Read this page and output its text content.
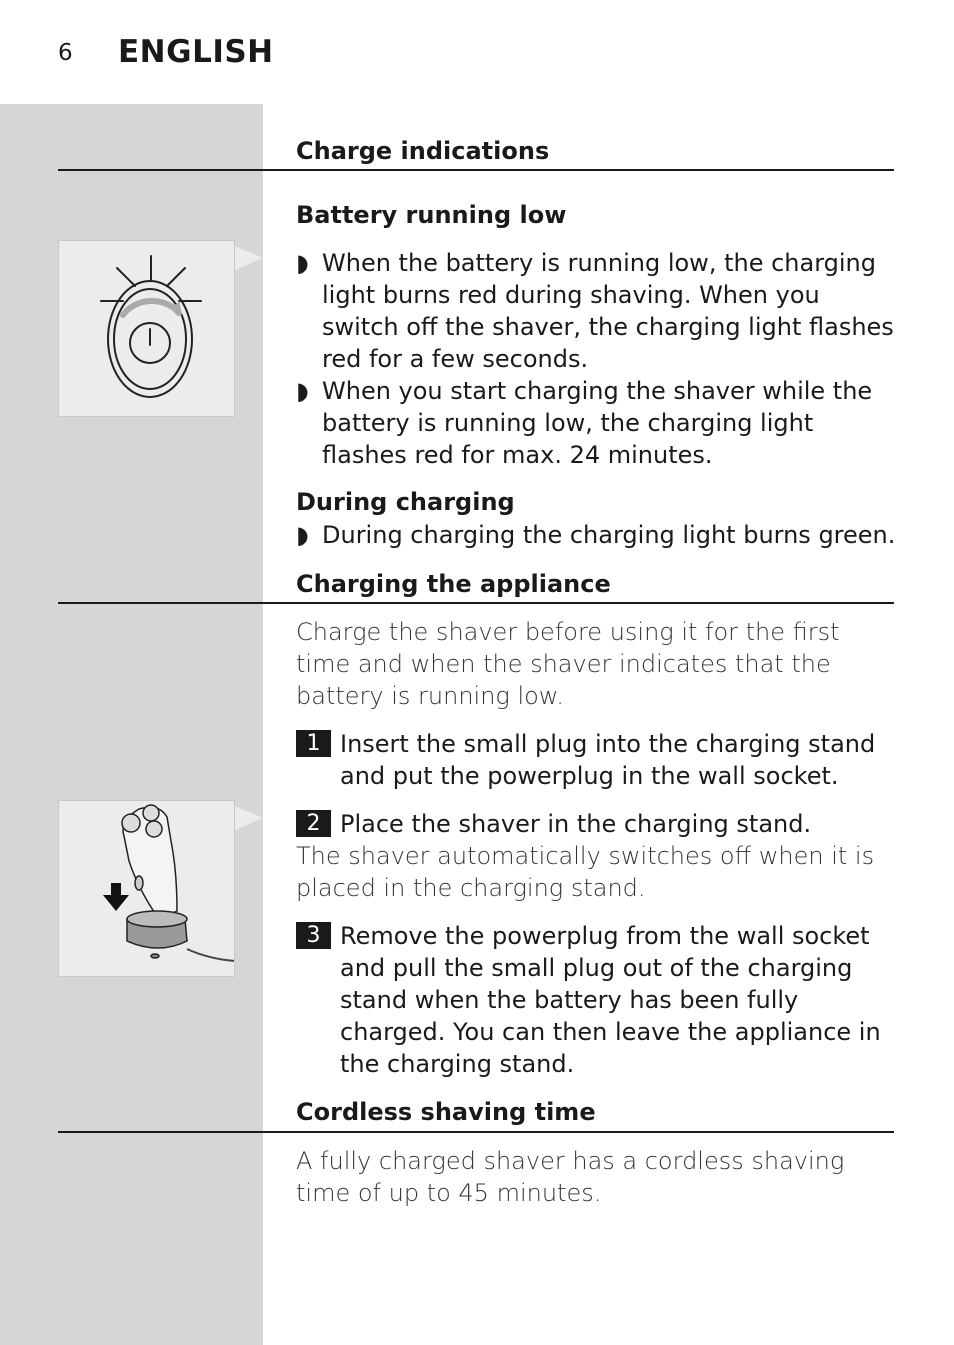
6 ENGLISH
Charge indications
Battery running low
◗ When the battery is running low, the charging light burns red during shaving. When you switch off the shaver, the charging light flashes red for a few seconds.
◗ When you start charging the shaver while the battery is running low, the charging light flashes red for max. 24 minutes.
During charging
◗ During charging the charging light burns green.
Charging the appliance
Charge the shaver before using it for the first time and when the shaver indicates that the battery is running low.
1 Insert the small plug into the charging stand and put the powerplug in the wall socket.
2 Place the shaver in the charging stand.
The shaver automatically switches off when it is placed in the charging stand.
3 Remove the powerplug from the wall socket and pull the small plug out of the charging stand when the battery has been fully charged. You can then leave the appliance in the charging stand.
Cordless shaving time
A fully charged shaver has a cordless shaving time of up to 45 minutes.
